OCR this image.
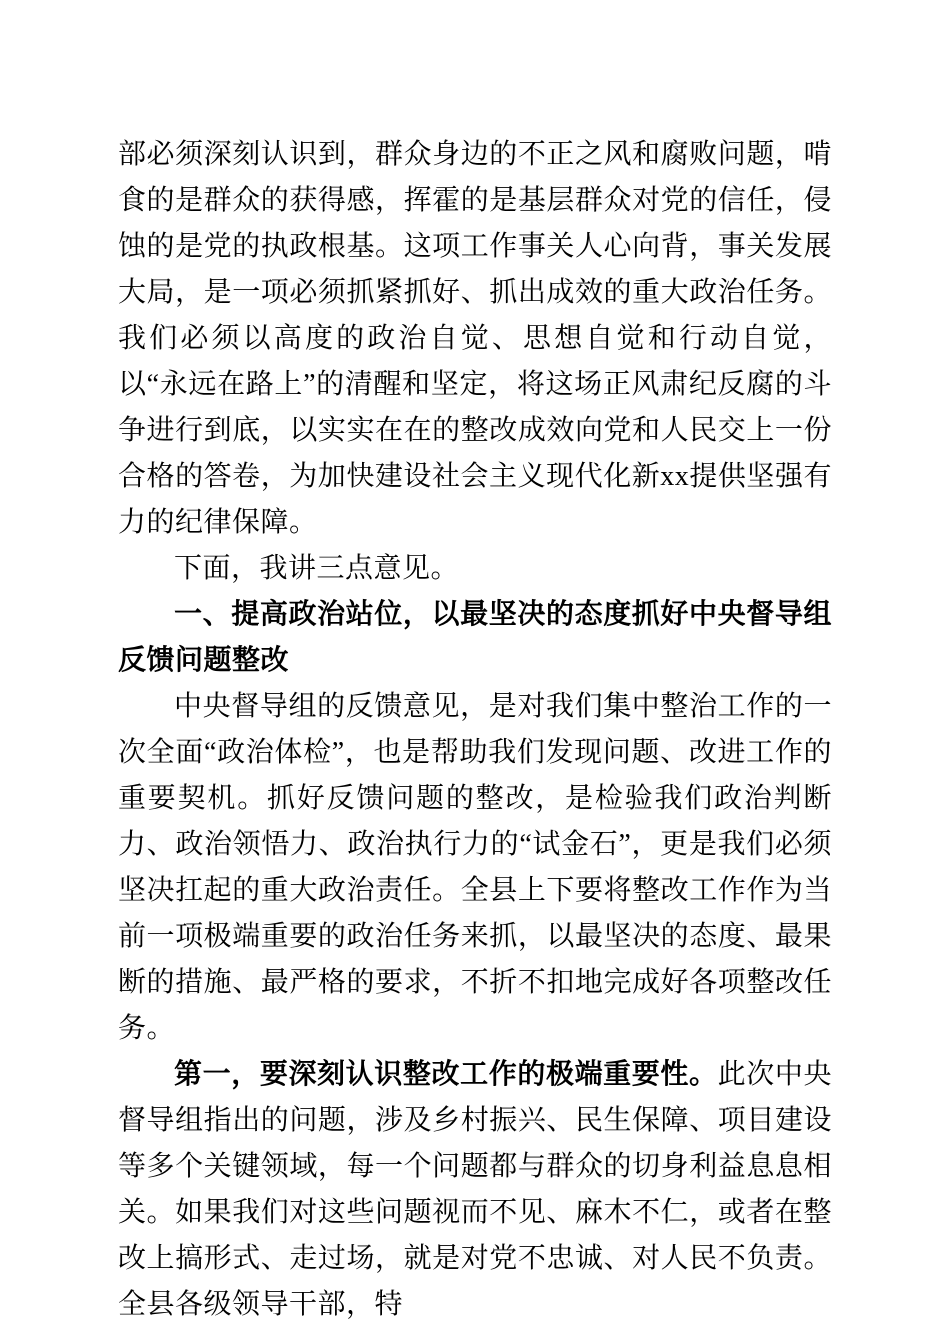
部必须深刻认识到，群众身边的不正之风和腐败问题，啃食的是群众的获得感，挥霍的是基层群众对党的信任，侵蚀的是党的执政根基。这项工作事关人心向背，事关发展大局，是一项必须抓紧抓好、抓出成效的重大政治任务。我们必须以高度的政治自觉、思想自觉和行动自觉，以“永远在路上”的清醒和坚定，将这场正风肃纪反腐的斗争进行到底，以实实在在的整改成效向党和人民交上一份合格的答卷，为加快建设社会主义现代化新xx提供坚强有力的纪律保障。

下面，我讲三点意见。

一、提高政治站位，以最坚决的态度抓好中央督导组反馈问题整改

中央督导组的反馈意见，是对我们集中整治工作的一次全面“政治体检”，也是帮助我们发现问题、改进工作的重要契机。抓好反馈问题的整改，是检验我们政治判断力、政治领悟力、政治执行力的“试金石”，更是我们必须坚决扛起的重大政治责任。全县上下要将整改工作作为当前一项极端重要的政治任务来抓，以最坚决的态度、最果断的措施、最严格的要求，不折不扣地完成好各项整改任务。

第一，要深刻认识整改工作的极端重要性。此次中央督导组指出的问题，涉及乡村振兴、民生保障、项目建设等多个关键领域，每一个问题都与群众的切身利益息息相关。如果我们对这些问题视而不见、麻木不仁，或者在整改上搞形式、走过场，就是对党不忠诚、对人民不负责。全县各级领导干部，特
